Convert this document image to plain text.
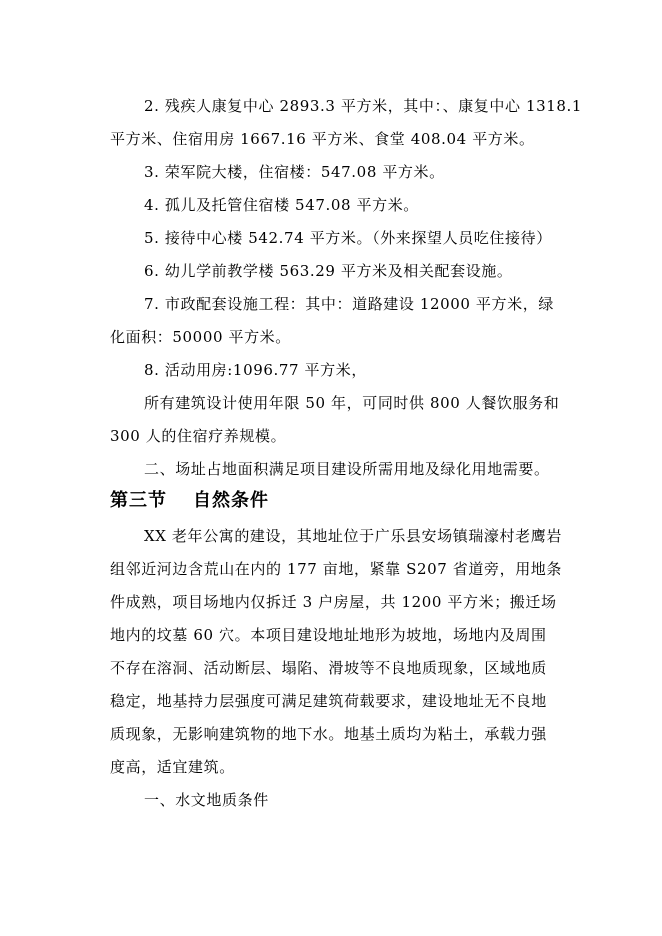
2. 残疾人康复中心 2893.3 平方米，其中：、康复中心 1318.1
平方米、住宿用房 1667.16 平方米、食堂 408.04 平方米。
3. 荣军院大楼，住宿楼：547.08 平方米。
4. 孤儿及托管住宿楼 547.08 平方米。
5. 接待中心楼 542.74 平方米。（外来探望人员吃住接待）
6. 幼儿学前教学楼 563.29 平方米及相关配套设施。
7. 市政配套设施工程：其中：道路建设 12000 平方米，绿
化面积：50000 平方米。
8. 活动用房:1096.77 平方米，
所有建筑设计使用年限 50 年，可同时供 800 人餐饮服务和
300 人的住宿疗养规模。
二、场址占地面积满足项目建设所需用地及绿化用地需要。
第三节 自然条件
XX 老年公寓的建设，其地址位于广乐县安场镇瑞濠村老鹰岩
组邻近河边含荒山在内的 177 亩地，紧靠 S207 省道旁，用地条
件成熟，项目场地内仅拆迁 3 户房屋，共 1200 平方米；搬迁场
地内的坟墓 60 穴。本项目建设地址地形为坡地，场地内及周围
不存在溶洞、活动断层、塌陷、滑坡等不良地质现象，区域地质
稳定，地基持力层强度可满足建筑荷载要求，建设地址无不良地
质现象，无影响建筑物的地下水。地基土质均为粘土，承载力强
度高，适宜建筑。
一、水文地质条件
